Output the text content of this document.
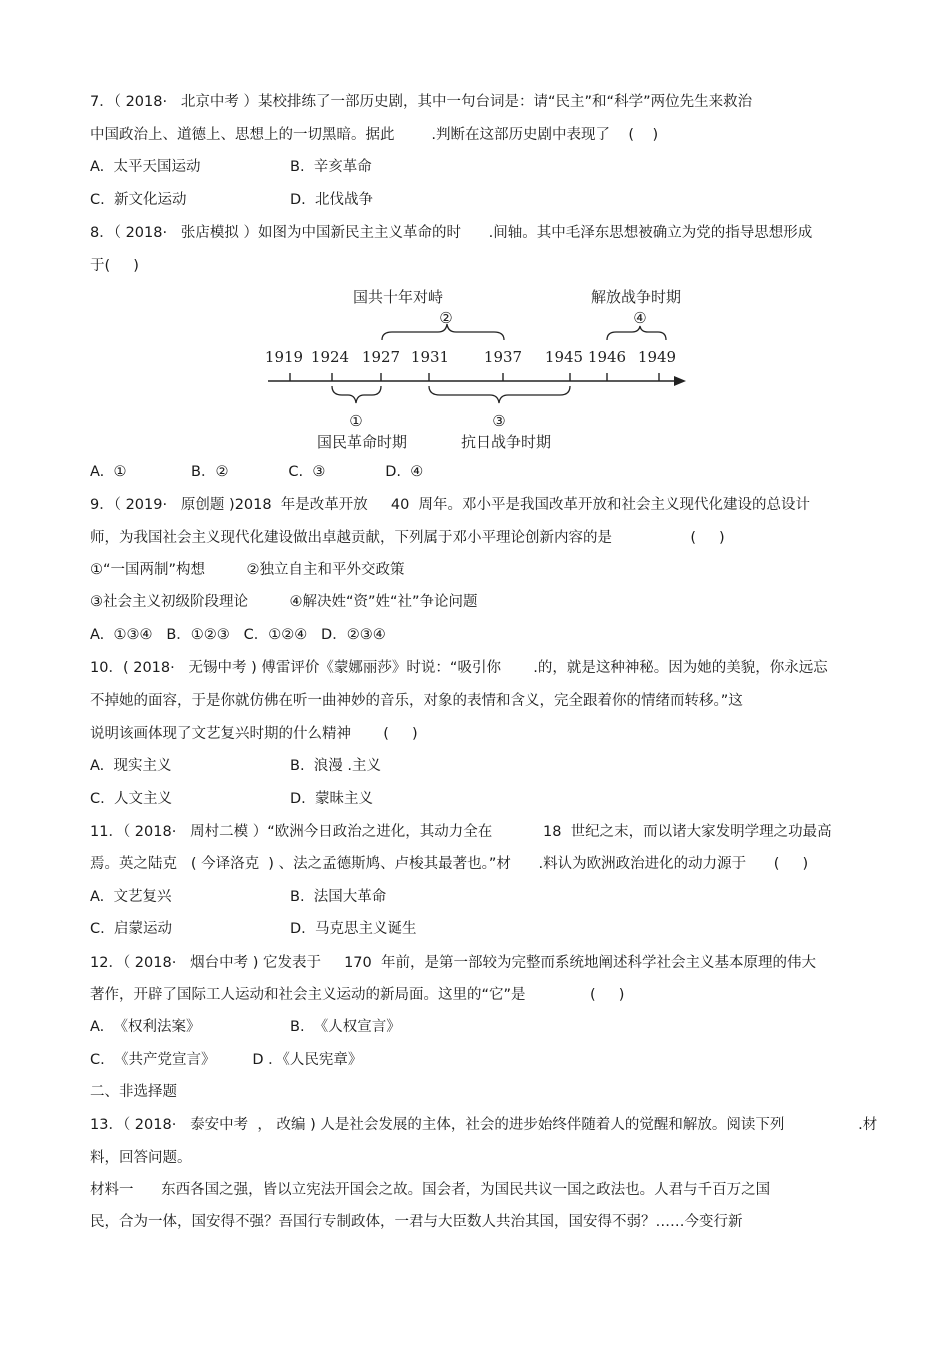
7．（ 2018·   北京中考 ）某校排练了一部历史剧，其中一句台词是：请“民主”和“科学”两位先生来救治
中国政治上、道德上、思想上的一切黑暗。据此        .判断在这部历史剧中表现了    (    )
A.  太平天国运动	B.  辛亥革命
C.  新文化运动	D.  北伐战争
8．（ 2018·   张店模拟 ）如图为中国新民主主义革命的时      .间轴。其中毛泽东思想被确立为党的指导思想形成
于(     )
国共十年对峙
②
解放战争时期
④
1919 1924 1927 1931 1937 1945 1946 1949
①
国民革命时期
③
抗日战争时期
A.  ①              B．②             C.  ③             D.  ④
9．（ 2019·   原创题 )2018  年是改革开放     40  周年。邓小平是我国改革开放和社会主义现代化建设的总设计
师，为我国社会主义现代化建设做出卓越贡献，下列属于邓小平理论创新内容的是                 (     )
①“一国两制”构想         ②独立自主和平外交政策
③社会主义初级阶段理论         ④解决姓“资”姓“社”争论问题
A.  ①③④   B．①②③   C．①②④   D．②③④
10．( 2018·   无锡中考 ) 傅雷评价《蒙娜丽莎》时说：“吸引你       .的，就是这种神秘。因为她的美貌，你永远忘
不掉她的面容，于是你就仿佛在听一曲神妙的音乐，对象的表情和含义，完全跟着你的情绪而转移。”这
说明该画体现了文艺复兴时期的什么精神       (     )
A.  现实主义	B.  浪漫 .主义
C.  人文主义	D.  蒙昧主义
11．（ 2018·   周村二模 ）“欧洲今日政治之进化，其动力全在           18  世纪之末，而以诸大家发明学理之功最高
焉。英之陆克   ( 今译洛克  ) 、法之孟德斯鸠、卢梭其最著也。”材      .料认为欧洲政治进化的动力源于      (     )
A.  文艺复兴	B.  法国大革命
C.  启蒙运动	D.  马克思主义诞生
12．（ 2018·   烟台中考 ) 它发表于     170  年前，是第一部较为完整而系统地阐述科学社会主义基本原理的伟大
著作，开辟了国际工人运动和社会主义运动的新局面。这里的“它”是              (     )
A.  《权利法案》	B.  《人权宣言》
C.  《共产党宣言》        D ．《人民宪章》
二、非选择题
13．（ 2018·   泰安中考  ， 改编 ) 人是社会发展的主体，社会的进步始终伴随着人的觉醒和解放。阅读下列                .材
料，回答问题。
材料一      东西各国之强，皆以立宪法开国会之故。国会者，为国民共议一国之政法也。人君与千百万之国
民，合为一体，国安得不强？吾国行专制政体，一君与大臣数人共治其国，国安得不弱？……今变行新
